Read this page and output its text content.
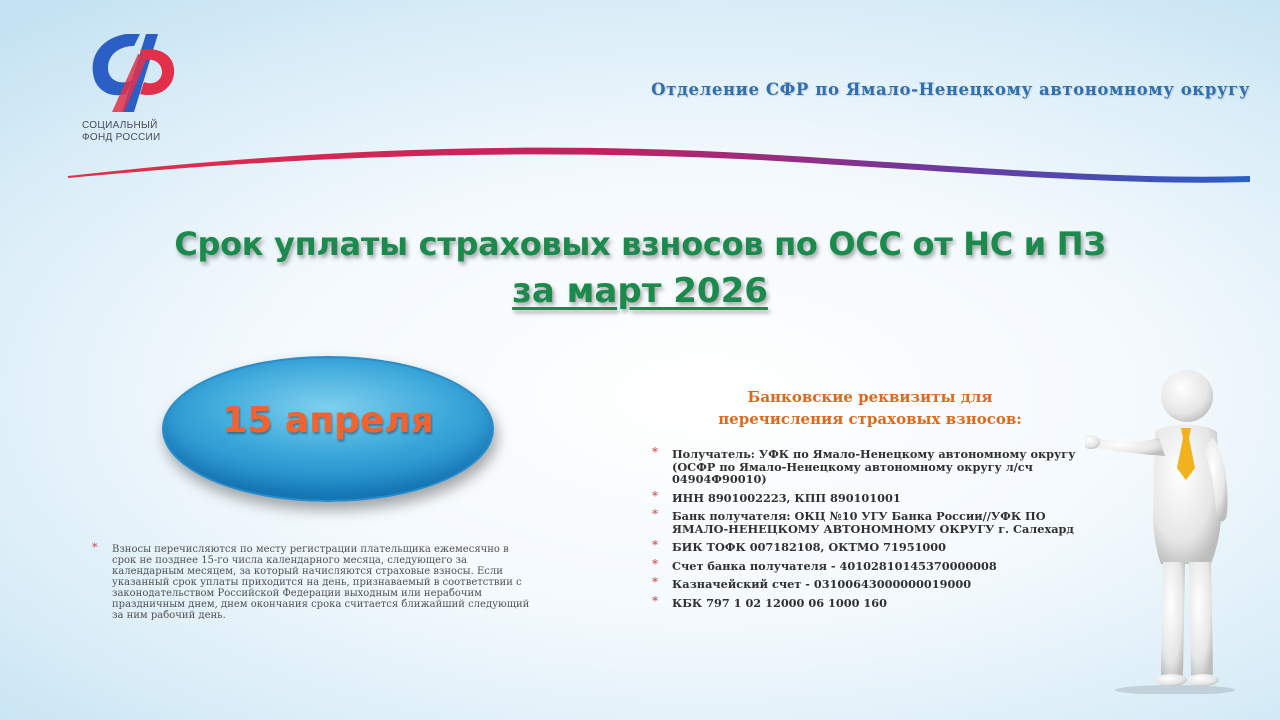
СОЦИАЛЬНЫЙ
ФОНД РОССИИ
Отделение СФР по Ямало-Ненецкому автономному округу
Срок уплаты страховых взносов по ОСС от НС и ПЗ
за март 2026
15 апреля
* Взносы перечисляются по месту регистрации плательщика ежемесячно в срок не позднее 15-го числа календарного месяца, следующего за календарным месяцем, за который начисляются страховые взносы. Если указанный срок уплаты приходится на день, признаваемый в соответствии с законодательством Российской Федерации выходным или нерабочим праздничным днем, днем окончания срока считается ближайший следующий за ним рабочий день.
Банковские реквизиты для
перечисления страховых взносов:
* Получатель: УФК по Ямало-Ненецкому автономному округу (ОСФР по Ямало-Ненецкому автономному округу л/сч 04904Ф90010)
* ИНН 8901002223, КПП 890101001
* Банк получателя: ОКЦ №10 УГУ Банка России//УФК ПО ЯМАЛО-НЕНЕЦКОМУ АВТОНОМНОМУ ОКРУГУ г. Салехард
* БИК ТОФК 007182108, ОКТМО 71951000
* Счет банка получателя - 40102810145370000008
* Казначейский счет - 03100643000000019000
* КБК 797 1 02 12000 06 1000 160
